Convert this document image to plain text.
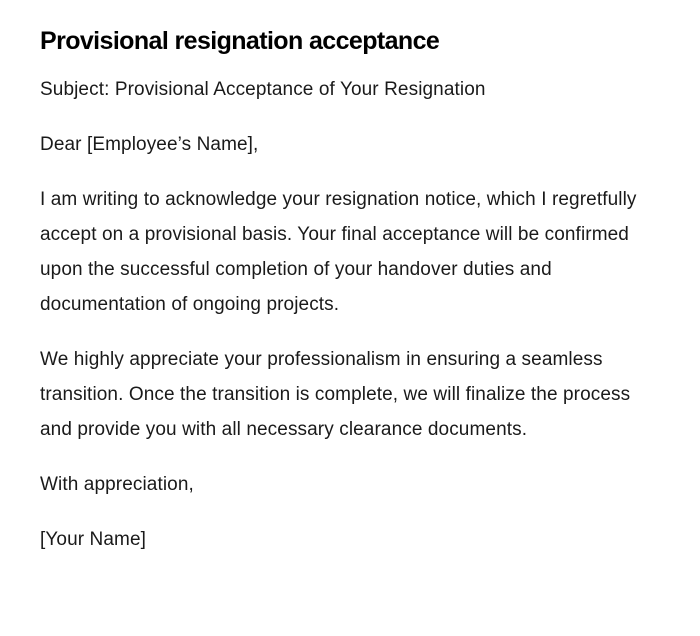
Provisional resignation acceptance

Subject: Provisional Acceptance of Your Resignation

Dear [Employee’s Name],

I am writing to acknowledge your resignation notice, which I regretfully accept on a provisional basis. Your final acceptance will be confirmed upon the successful completion of your handover duties and documentation of ongoing projects.

We highly appreciate your professionalism in ensuring a seamless transition. Once the transition is complete, we will finalize the process and provide you with all necessary clearance documents.

With appreciation,

[Your Name]
